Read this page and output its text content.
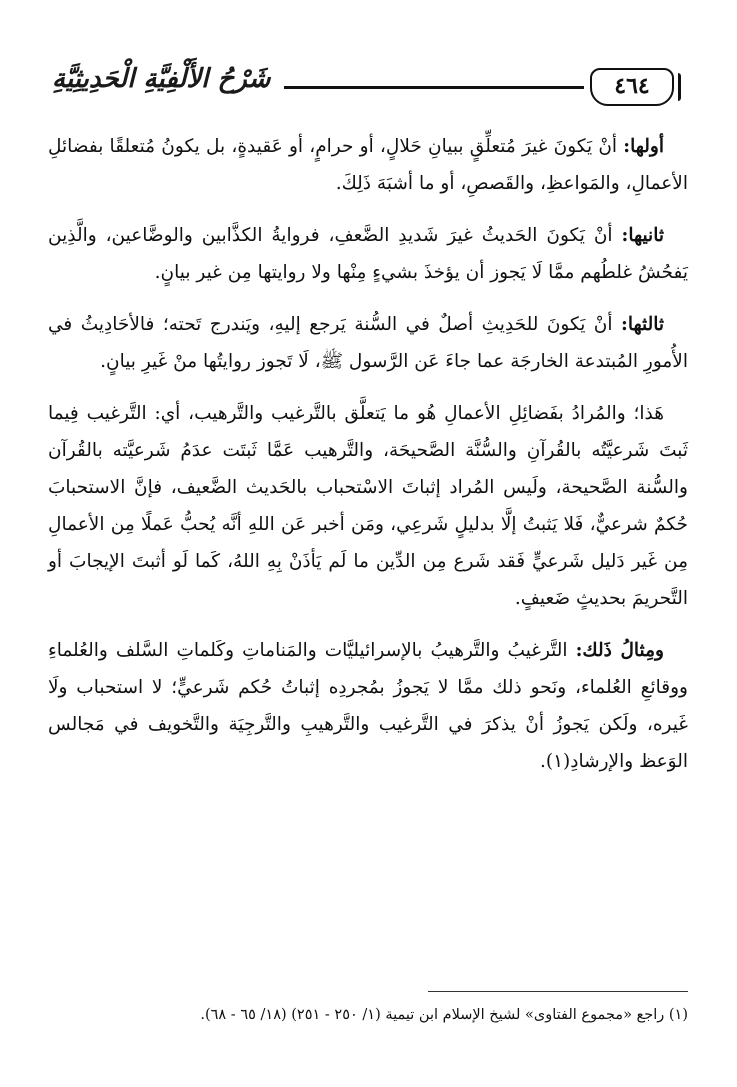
شَرْحُ الأَلْفِيَّةِ الْحَدِيثِيَّةِ	٤٦٤

أولها: أنْ يَكونَ غيرَ مُتعلِّقٍ ببيانِ حَلالٍ، أو حرامٍ، أو عَقيدةٍ، بل يكونُ مُتعلقًا بفضائلِ الأعمالِ، والمَواعظِ، والقَصصِ، أو ما أشبَهَ ذَلِكَ.

ثانيها: أنْ يَكونَ الحَديثُ غيرَ شَديدِ الضَّعفِ، فروايةُ الكذَّابين والوضَّاعين، والَّذِين يَفحُشُ غلطُهم ممَّا لَا يَجوز أن يؤخذَ بشيءٍ مِنْها ولا روايتها مِن غير بيانٍ.

ثالثها: أنْ يَكونَ للحَدِيثِ أصلٌ في السُّنة يَرجع إليهِ، ويَندرج تَحته؛ فالأحَادِيثُ في الأُمورِ المُبتدعة الخارجَة عما جاءَ عَن الرَّسول ﷺ، لَا تَجوز روايتُها منْ غَيرِ بيانٍ.

هَذا؛ والمُرادُ بفَضائِلِ الأعمالِ هُو ما يَتعلَّق بالتَّرغيب والتَّرهيب، أي: التَّرغيب فِيما ثَبتَ شَرعيَّتُه بالقُرآنِ والسُّنَّة الصَّحيحَة، والتَّرهيب عَمَّا ثَبتَت عدَمُ شَرعيَّته بالقُرآن والسُّنة الصَّحيحة، ولَيس المُراد إثباتَ الاسْتحباب بالحَديث الضَّعيف، فإنَّ الاستحبابَ حُكمٌ شرعيٌّ، فَلا يَثبتُ إلَّا بدليلٍ شَرعِي، ومَن أخبر عَن اللهِ أنَّه يُحبُّ عَملًا مِن الأعمالِ مِن غَير دَليل شَرعيٍّ فَقد شَرع مِن الدِّين ما لَم يَأذَنْ بِهِ اللهُ، كَما لَو أثبتَ الإيجابَ أو التَّحريمَ بحديثٍ ضَعيفٍ.

ومِثالُ ذَلك: التَّرغيبُ والتَّرهيبُ بالإسرائيليَّات والمَناماتِ وكَلماتِ السَّلف والعُلماءِ ووقائعِ العُلماء، ونَحو ذلك ممَّا لا يَجوزُ بمُجردِه إثباتُ حُكم شَرعيٍّ؛ لا استحباب ولَا غَيره، ولَكن يَجوزُ أنْ يذكرَ في التَّرغيب والتَّرهيبِ والتَّرجِيَة والتَّخويف في مَجالس الوَعظ والإرشادِ(١).

(١) راجع «مجموع الفتاوى» لشيخ الإسلام ابن تيمية (١/ ٢٥٠ - ٢٥١) (١٨/ ٦٥ - ٦٨).
